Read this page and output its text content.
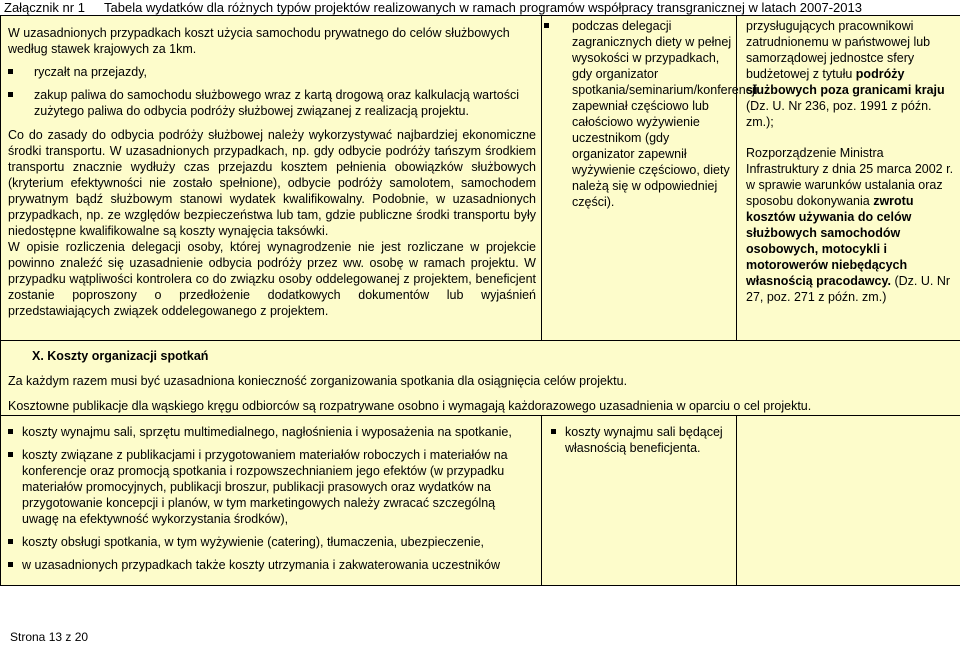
Załącznik nr 1 Tabela wydatków dla różnych typów projektów realizowanych w ramach programów współpracy transgranicznej w latach 2007-2013
W uzasadnionych przypadkach koszt użycia samochodu prywatnego do celów służbowych według stawek krajowych za 1km.
ryczałt na przejazdy,
zakup paliwa do samochodu służbowego wraz z kartą drogową oraz kalkulacją wartości zużytego paliwa do odbycia podróży służbowej związanej z realizacją projektu.
Co do zasady do odbycia podróży służbowej należy wykorzystywać najbardziej ekonomiczne środki transportu. W uzasadnionych przypadkach, np. gdy odbycie podróży tańszym środkiem transportu znacznie wydłuży czas przejazdu kosztem pełnienia obowiązków służbowych (kryterium efektywności nie zostało spełnione), odbycie podróży samolotem, samochodem prywatnym bądź służbowym stanowi wydatek kwalifikowalny. Podobnie, w uzasadnionych przypadkach, np. ze względów bezpieczeństwa lub tam, gdzie publiczne środki transportu były niedostępne kwalifikowalne są koszty wynajęcia taksówki.
W opisie rozliczenia delegacji osoby, której wynagrodzenie nie jest rozliczane w projekcie powinno znaleźć się uzasadnienie odbycia podróży przez ww. osobę w ramach projektu. W przypadku wątpliwości kontrolera co do związku osoby oddelegowanej z projektem, beneficjent zostanie poproszony o przedłożenie dodatkowych dokumentów lub wyjaśnień przedstawiających związek oddelegowanego z projektem.
podczas delegacji zagranicznych diety w pełnej wysokości w przypadkach, gdy organizator spotkania/seminarium/konferencji zapewniał częściowo lub całościowo wyżywienie uczestnikom (gdy organizator zapewnił wyżywienie częściowo, diety należą się w odpowiedniej części).
przysługujących pracownikowi zatrudnionemu w państwowej lub samorządowej jednostce sfery budżetowej z tytułu podróży służbowych poza granicami kraju (Dz. U. Nr 236, poz. 1991 z późn. zm.);
Rozporządzenie Ministra Infrastruktury z dnia 25 marca 2002 r. w sprawie warunków ustalania oraz sposobu dokonywania zwrotu kosztów używania do celów służbowych samochodów osobowych, motocykli i motorowerów niebędących własnością pracodawcy. (Dz. U. Nr 27, poz. 271 z późn. zm.)
X. Koszty organizacji spotkań
Za każdym razem musi być uzasadniona konieczność zorganizowania spotkania dla osiągnięcia celów projektu.
Kosztowne publikacje dla wąskiego kręgu odbiorców są rozpatrywane osobno i wymagają każdorazowego uzasadnienia w oparciu o cel projektu.
koszty wynajmu sali, sprzętu multimedialnego, nagłośnienia i wyposażenia na spotkanie,
koszty związane z publikacjami i przygotowaniem materiałów roboczych i materiałów na konferencje oraz promocją spotkania i rozpowszechnianiem jego efektów (w przypadku materiałów promocyjnych, publikacji broszur, publikacji prasowych oraz wydatków na przygotowanie koncepcji i planów, w tym marketingowych należy zwracać szczególną uwagę na efektywność wykorzystania środków),
koszty obsługi spotkania, w tym wyżywienie (catering), tłumaczenia, ubezpieczenie,
w uzasadnionych przypadkach także koszty utrzymania i zakwaterowania uczestników
koszty wynajmu sali będącej własnością beneficjenta.
Strona 13 z 20
